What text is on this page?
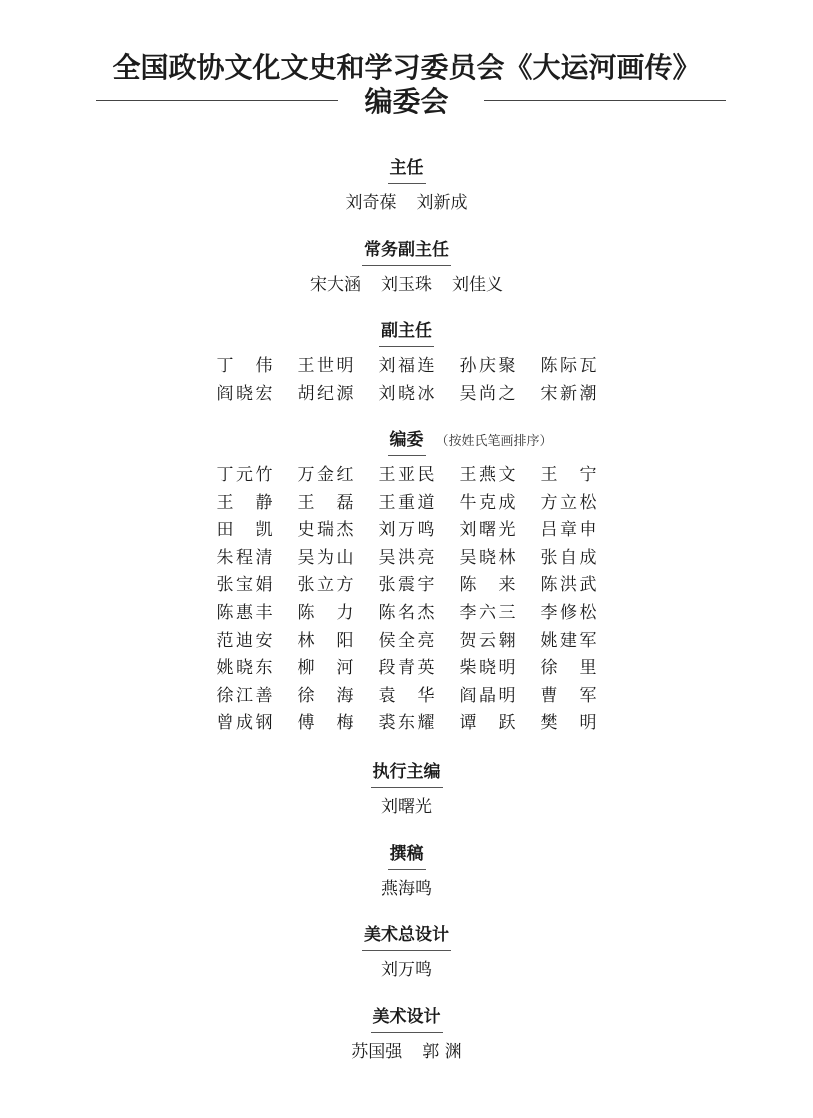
全国政协文化文史和学习委员会《大运河画传》
编委会
主任
刘奇葆 刘新成
常务副主任
宋大涵 刘玉珠 刘佳义
副主任
丁 伟 王世明 刘福连 孙庆聚 陈际瓦
阎晓宏 胡纪源 刘晓冰 吴尚之 宋新潮
编委 （按姓氏笔画排序）
丁元竹 万金红 王亚民 王燕文 王 宁
王 静 王 磊 王重道 牛克成 方立松
田 凯 史瑞杰 刘万鸣 刘曙光 吕章申
朱程清 吴为山 吴洪亮 吴晓林 张自成
张宝娟 张立方 张震宇 陈 来 陈洪武
陈惠丰 陈 力 陈名杰 李六三 李修松
范迪安 林 阳 侯全亮 贺云翱 姚建军
姚晓东 柳 河 段青英 柴晓明 徐 里
徐江善 徐 海 袁 华 阎晶明 曹 军
曾成钢 傅 梅 裘东耀 谭 跃 樊 明
执行主编
刘曙光
撰稿
燕海鸣
美术总设计
刘万鸣
美术设计
苏国强 郭 渊
